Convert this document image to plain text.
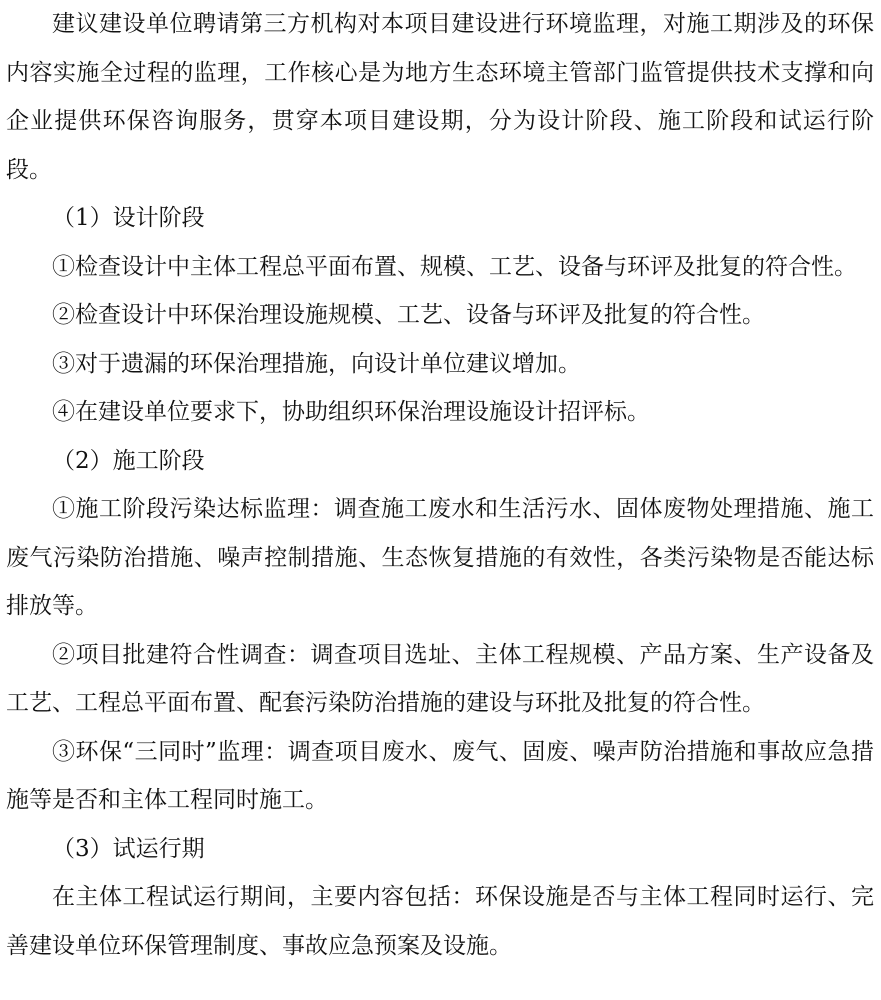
建议建设单位聘请第三方机构对本项目建设进行环境监理，对施工期涉及的环保内容实施全过程的监理，工作核心是为地方生态环境主管部门监管提供技术支撑和向企业提供环保咨询服务，贯穿本项目建设期，分为设计阶段、施工阶段和试运行阶段。

（1）设计阶段

①检查设计中主体工程总平面布置、规模、工艺、设备与环评及批复的符合性。

②检查设计中环保治理设施规模、工艺、设备与环评及批复的符合性。

③对于遗漏的环保治理措施，向设计单位建议增加。

④在建设单位要求下，协助组织环保治理设施设计招评标。

（2）施工阶段

①施工阶段污染达标监理：调查施工废水和生活污水、固体废物处理措施、施工废气污染防治措施、噪声控制措施、生态恢复措施的有效性，各类污染物是否能达标排放等。

②项目批建符合性调查：调查项目选址、主体工程规模、产品方案、生产设备及工艺、工程总平面布置、配套污染防治措施的建设与环批及批复的符合性。

③环保“三同时”监理：调查项目废水、废气、固废、噪声防治措施和事故应急措施等是否和主体工程同时施工。

（3）试运行期

在主体工程试运行期间，主要内容包括：环保设施是否与主体工程同时运行、完善建设单位环保管理制度、事故应急预案及设施。
